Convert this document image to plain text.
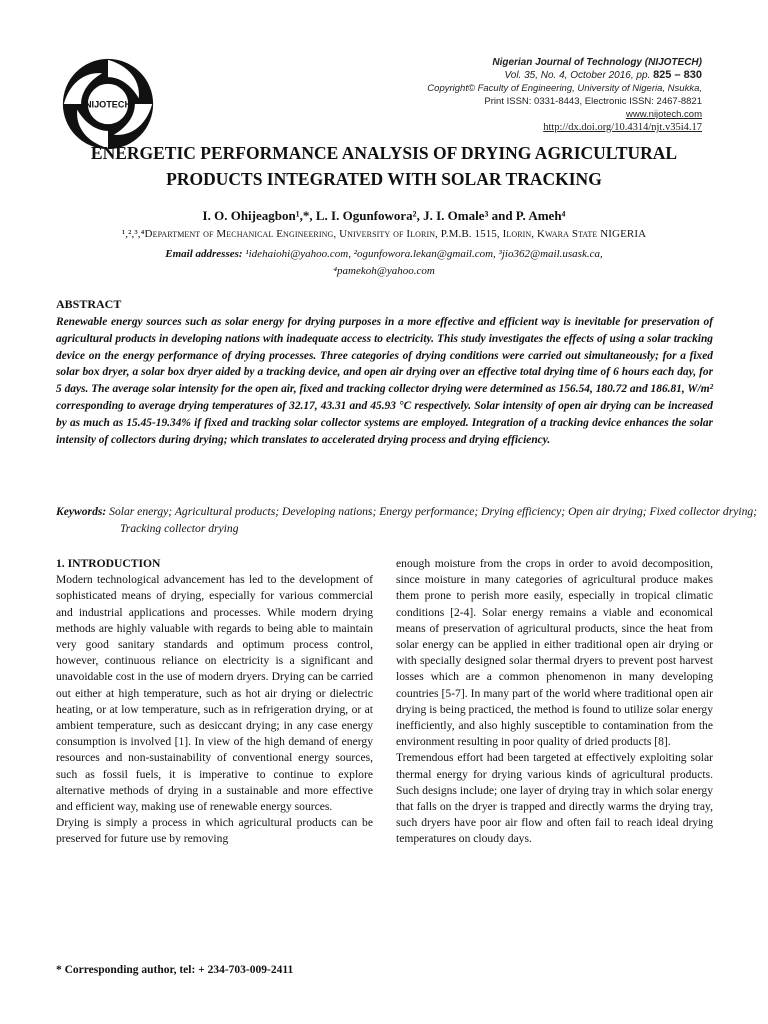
NIJOTECH
Nigerian Journal of Technology (NIJOTECH)
Vol. 35, No. 4, October 2016, pp. 825 – 830
Copyright© Faculty of Engineering, University of Nigeria, Nsukka,
Print ISSN: 0331-8443, Electronic ISSN: 2467-8821
www.nijotech.com
http://dx.doi.org/10.4314/njt.v35i4.17
ENERGETIC PERFORMANCE ANALYSIS OF DRYING AGRICULTURAL
PRODUCTS INTEGRATED WITH SOLAR TRACKING
I. O. Ohijeagbon¹,*, L. I. Ogunfowora², J. I. Omale³ and P. Ameh⁴
¹,²,³,⁴Department of Mechanical Engineering, University of Ilorin, P.M.B. 1515, Ilorin, Kwara State NIGERIA
Email addresses: ¹idehaiohi@yahoo.com, ²ogunfowora.lekan@gmail.com, ³jio362@mail.usask.ca,
⁴pamekoh@yahoo.com
ABSTRACT

Renewable energy sources such as solar energy for drying purposes in a more effective and efficient way is inevitable for preservation of agricultural products in developing nations with inadequate access to electricity. This study investigates the effects of using a solar tracking device on the energy performance of drying processes. Three categories of drying conditions were carried out simultaneously; for a fixed solar box dryer, a solar box dryer aided by a tracking device, and open air drying over an effective total drying time of 6 hours each day, for 5 days. The average solar intensity for the open air, fixed and tracking collector drying were determined as 156.54, 180.72 and 186.81, W/m² corresponding to average drying temperatures of 32.17, 43.31 and 45.93 °C respectively. Solar intensity of open air drying can be increased by as much as 15.45-19.34% if fixed and tracking solar collector systems are employed. Integration of a tracking device enhances the solar intensity of collectors during drying; which translates to accelerated drying process and drying efficiency.

Keywords: Solar energy; Agricultural products; Developing nations; Energy performance; Drying efficiency; Open air drying; Fixed collector drying; Tracking collector drying

1. INTRODUCTION

Modern technological advancement has led to the development of sophisticated means of drying, especially for various commercial and industrial applications and processes. While modern drying methods are highly valuable with regards to being able to maintain very good sanitary standards and optimum process control, however, continuous reliance on electricity is a significant and unavoidable cost in the use of modern dryers. Drying can be carried out either at high temperature, such as hot air drying or dielectric heating, or at low temperature, such as in refrigeration drying, or at ambient temperature, such as desiccant drying; in any case energy consumption is involved [1]. In view of the high demand of energy resources and non-sustainability of conventional energy sources, such as fossil fuels, it is imperative to continue to explore alternative methods of drying in a sustainable and more effective and efficient way, making use of renewable energy sources.

Drying is simply a process in which agricultural products can be preserved for future use by removing

enough moisture from the crops in order to avoid decomposition, since moisture in many categories of agricultural produce makes them prone to perish more easily, especially in tropical climatic conditions [2-4]. Solar energy remains a viable and economical means of preservation of agricultural products, since the heat from solar energy can be applied in either traditional open air drying or with specially designed solar thermal dryers to prevent post harvest losses which are a common phenomenon in many developing countries [5-7]. In many part of the world where traditional open air drying is being practiced, the method is found to utilize solar energy inefficiently, and also highly susceptible to contamination from the environment resulting in poor quality of dried products [8].

Tremendous effort had been targeted at effectively exploiting solar thermal energy for drying various kinds of agricultural products. Such designs include; one layer of drying tray in which solar energy that falls on the dryer is trapped and directly warms the drying tray, such dryers have poor air flow and often fail to reach ideal drying temperatures on cloudy days.

* Corresponding author, tel: + 234-703-009-2411
